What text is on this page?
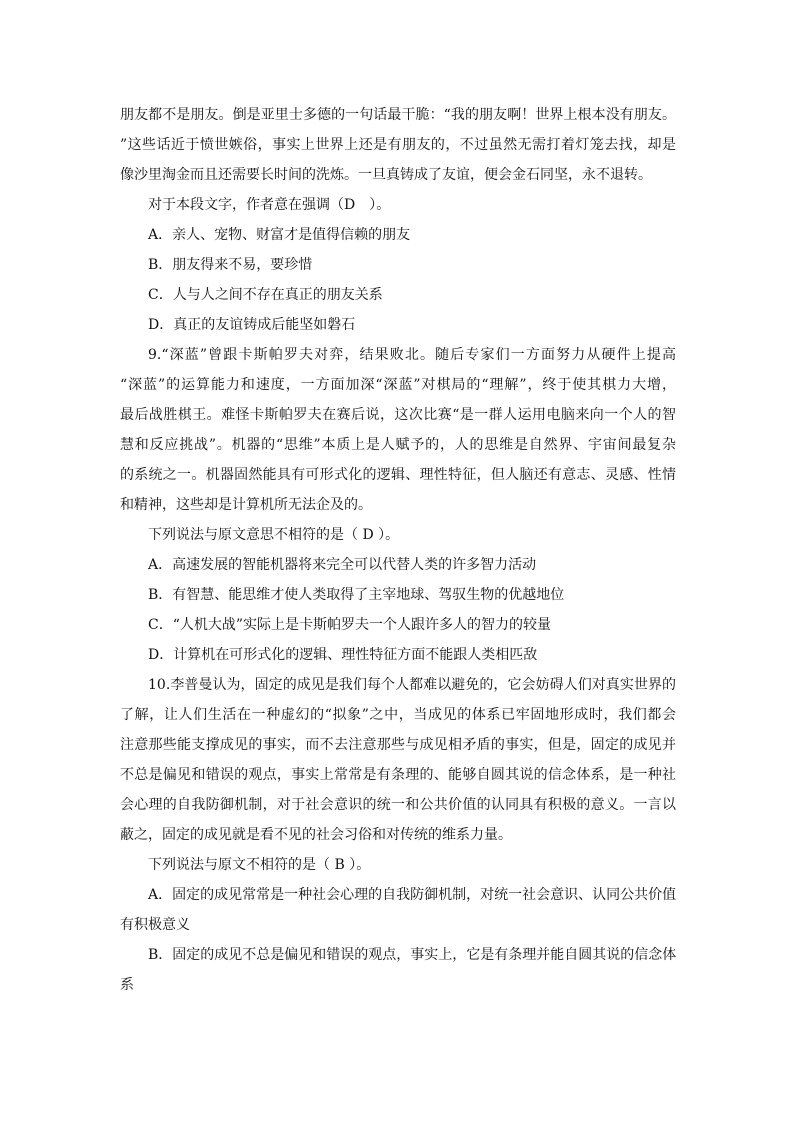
朋友都不是朋友。倒是亚里士多德的一句话最干脆：“我的朋友啊！世界上根本没有朋友。
”这些话近于愤世嫉俗，事实上世界上还是有朋友的，不过虽然无需打着灯笼去找，却是
像沙里淘金而且还需要长时间的洗炼。一旦真铸成了友谊，便会金石同坚，永不退转。
对于本段文字，作者意在强调（D　）。
A．亲人、宠物、财富才是值得信赖的朋友
B．朋友得来不易，要珍惜
C．人与人之间不存在真正的朋友关系
D．真正的友谊铸成后能坚如磐石
9.“深蓝”曾跟卡斯帕罗夫对弈，结果败北。随后专家们一方面努力从硬件上提高
“深蓝”的运算能力和速度，一方面加深“深蓝”对棋局的“理解”，终于使其棋力大增，
最后战胜棋王。难怪卡斯帕罗夫在赛后说，这次比赛“是一群人运用电脑来向一个人的智
慧和反应挑战”。机器的“思维”本质上是人赋予的，人的思维是自然界、宇宙间最复杂
的系统之一。机器固然能具有可形式化的逻辑、理性特征，但人脑还有意志、灵感、性情
和精神，这些却是计算机所无法企及的。
下列说法与原文意思不相符的是（ D ）。
A．高速发展的智能机器将来完全可以代替人类的许多智力活动
B．有智慧、能思维才使人类取得了主宰地球、驾驭生物的优越地位
C．“人机大战”实际上是卡斯帕罗夫一个人跟许多人的智力的较量
D．计算机在可形式化的逻辑、理性特征方面不能跟人类相匹敌
10.李普曼认为，固定的成见是我们每个人都难以避免的，它会妨碍人们对真实世界的
了解，让人们生活在一种虚幻的“拟象”之中，当成见的体系已牢固地形成时，我们都会
注意那些能支撑成见的事实，而不去注意那些与成见相矛盾的事实，但是，固定的成见并
不总是偏见和错误的观点，事实上常常是有条理的、能够自圆其说的信念体系，是一种社
会心理的自我防御机制，对于社会意识的统一和公共价值的认同具有积极的意义。一言以
蔽之，固定的成见就是看不见的社会习俗和对传统的维系力量。
下列说法与原文不相符的是（ B ）。
A．固定的成见常常是一种社会心理的自我防御机制，对统一社会意识、认同公共价值
有积极意义
B．固定的成见不总是偏见和错误的观点，事实上，它是有条理并能自圆其说的信念体
系
